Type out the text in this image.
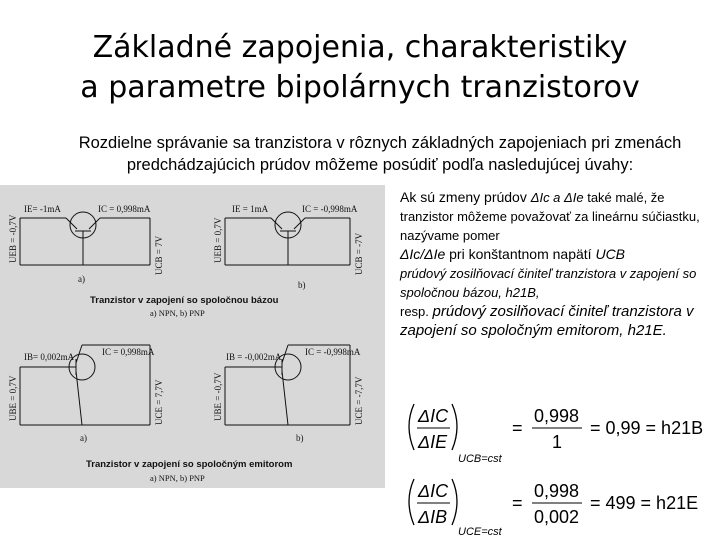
Základné zapojenia, charakteristiky
a parametre bipolárnych tranzistorov
Rozdielne správanie sa tranzistora v rôznych základných zapojeniach pri zmenách predchádzajúcich prúdov môžeme posúdiť podľa nasledujúcej úvahy:
IE= -1mA	IC = 0,998mA
UEB = -0,7V	UCB = 7V
a)
IE = 1mA	IC = -0,998mA
UEB = 0,7V	UCB = -7V
b)
Tranzistor v zapojení so spoločnou bázou
a) NPN, b) PNP
IB= 0,002mA	IC = 0,998mA
UBE = 0,7V	UCE = 7,7V
a)
IB = -0,002mA	IC = -0,998mA
UBE = -0,7V	UCE = -7,7V
b)
Tranzistor v zapojení so spoločným emitorom
a) NPN, b) PNP
Ak sú zmeny prúdov ΔIc a ΔIe také malé, že tranzistor môžeme považovať za lineárnu súčiastku, nazývame pomer
ΔIc/ΔIe pri konštantnom napätí UCB
prúdový zosilňovací činiteľ tranzistora v zapojení so spoločnou bázou, h21B,
resp. prúdový zosilňovací činiteľ tranzistora v zapojení so spoločným emitorom, h21E.
ΔIC
ΔIE
UCB=cst
=
0,998
1
= 0,99 = h21B
ΔIC
ΔIB
UCE=cst
=
0,998
0,002
= 499 = h21E
